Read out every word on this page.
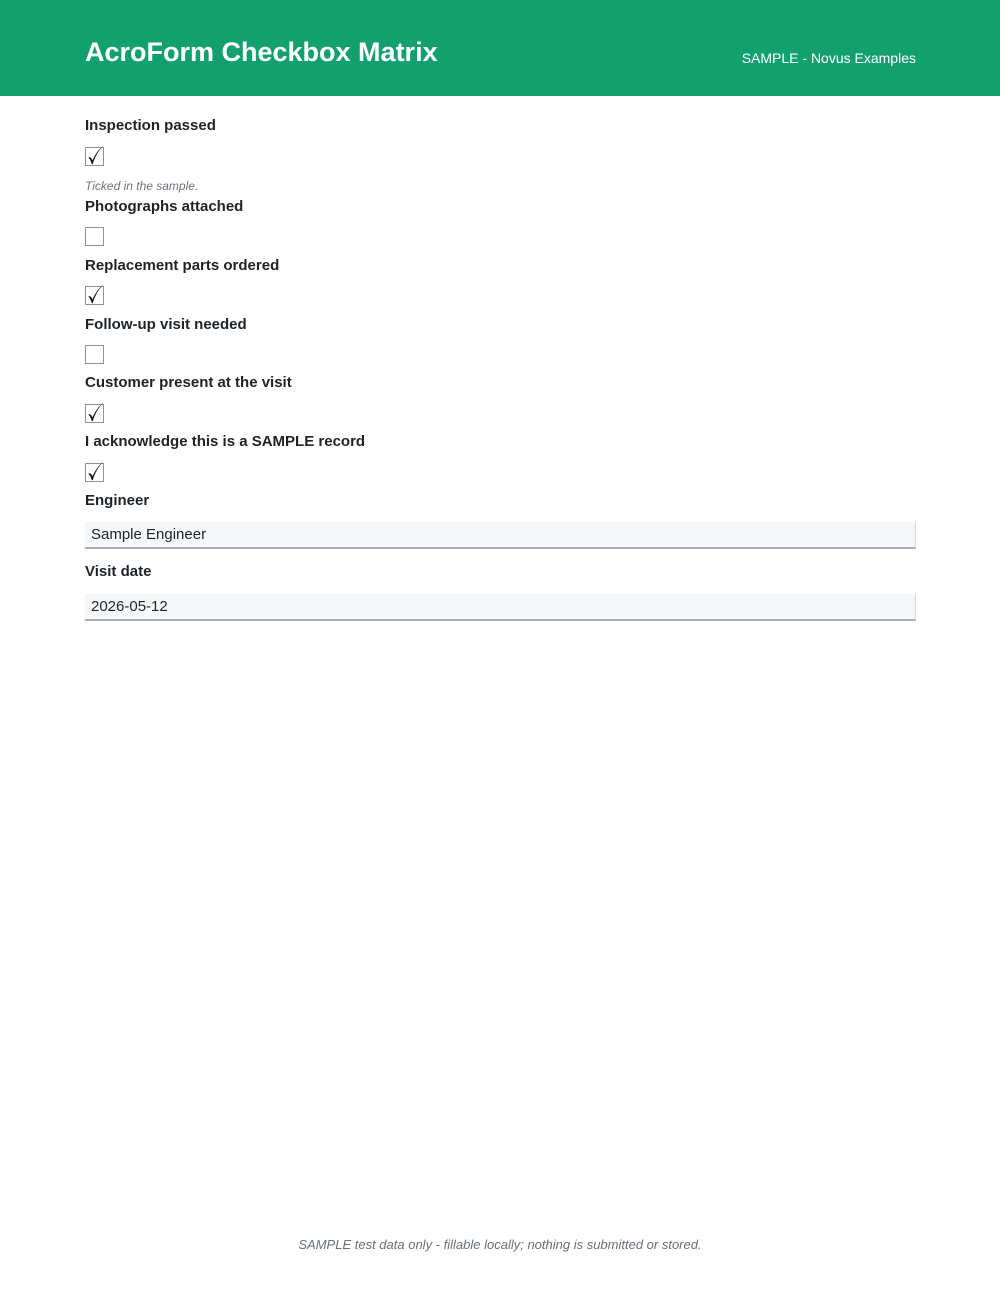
AcroForm Checkbox Matrix	SAMPLE - Novus Examples
Inspection passed
Ticked in the sample.
Photographs attached
Replacement parts ordered
Follow-up visit needed
Customer present at the visit
I acknowledge this is a SAMPLE record
Engineer
Sample Engineer
Visit date
2026-05-12
SAMPLE test data only - fillable locally; nothing is submitted or stored.
